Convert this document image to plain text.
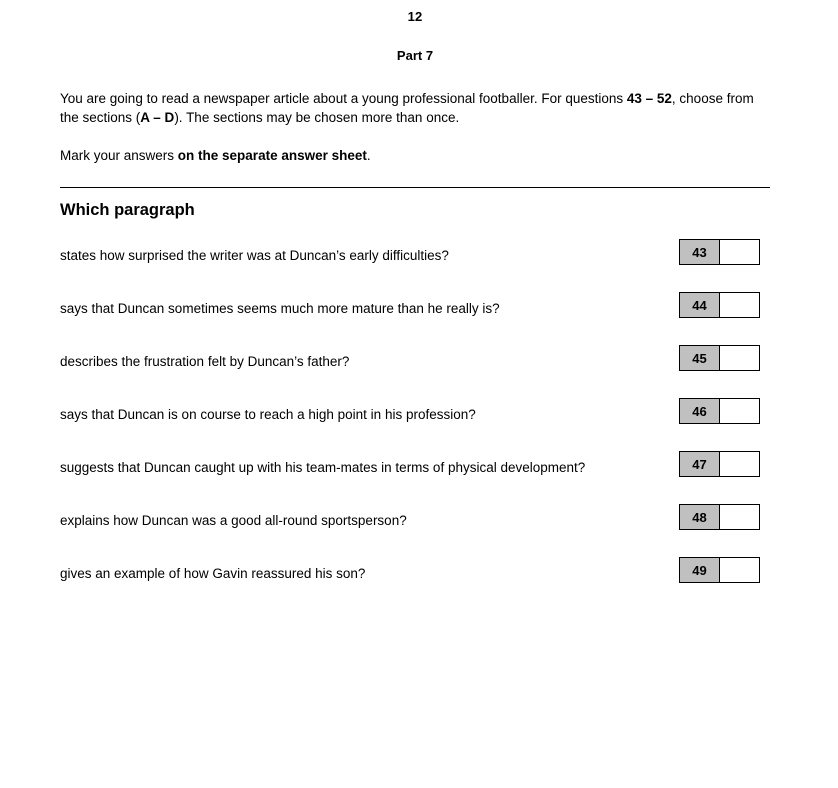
12
Part 7

You are going to read a newspaper article about a young professional footballer. For questions 43 – 52, choose from the sections (A – D). The sections may be chosen more than once.

Mark your answers on the separate answer sheet.

Which paragraph
states how surprised the writer was at Duncan’s early difficulties?	43
says that Duncan sometimes seems much more mature than he really is?	44
describes the frustration felt by Duncan’s father?	45
says that Duncan is on course to reach a high point in his profession?	46
suggests that Duncan caught up with his team-mates in terms of physical development?	47
explains how Duncan was a good all-round sportsperson?	48
gives an example of how Gavin reassured his son?	49
